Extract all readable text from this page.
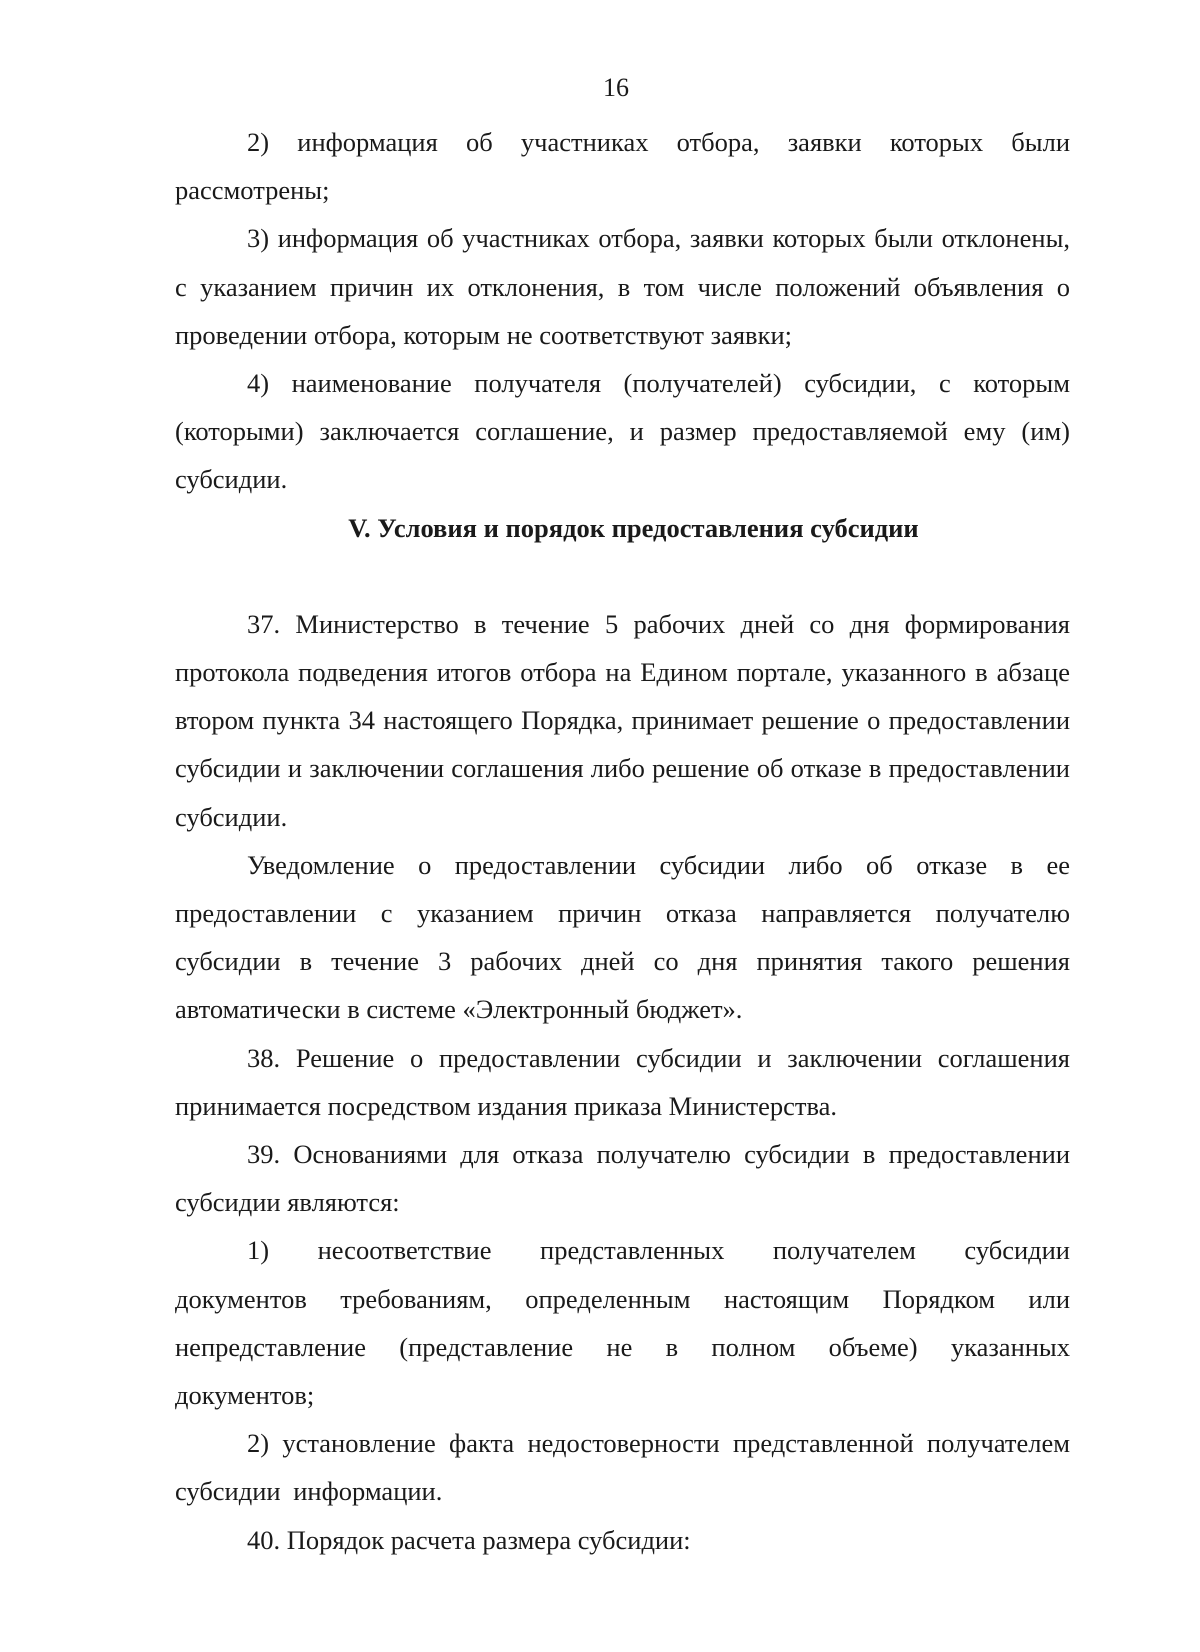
16

2) информация об участниках отбора, заявки которых были рассмотрены;

3) информация об участниках отбора, заявки которых были отклонены, с указанием причин их отклонения, в том числе положений объявления о проведении отбора, которым не соответствуют заявки;

4) наименование получателя (получателей) субсидии, с которым (которыми) заключается соглашение, и размер предоставляемой ему (им) субсидии.

V. Условия и порядок предоставления субсидии

37. Министерство в течение 5 рабочих дней со дня формирования протокола подведения итогов отбора на Едином портале, указанного в абзаце втором пункта 34 настоящего Порядка, принимает решение о предоставлении субсидии и заключении соглашения либо решение об отказе в предоставлении субсидии.

Уведомление о предоставлении субсидии либо об отказе в ее предоставлении с указанием причин отказа направляется получателю субсидии в течение 3 рабочих дней со дня принятия такого решения автоматически в системе «Электронный бюджет».

38. Решение о предоставлении субсидии и заключении соглашения принимается посредством издания приказа Министерства.

39. Основаниями для отказа получателю субсидии в предоставлении субсидии являются:

1) несоответствие представленных получателем субсидии документов требованиям, определенным настоящим Порядком или непредставление (представление не в полном объеме) указанных документов;

2) установление факта недостоверности представленной получателем субсидии информации.

40. Порядок расчета размера субсидии:
